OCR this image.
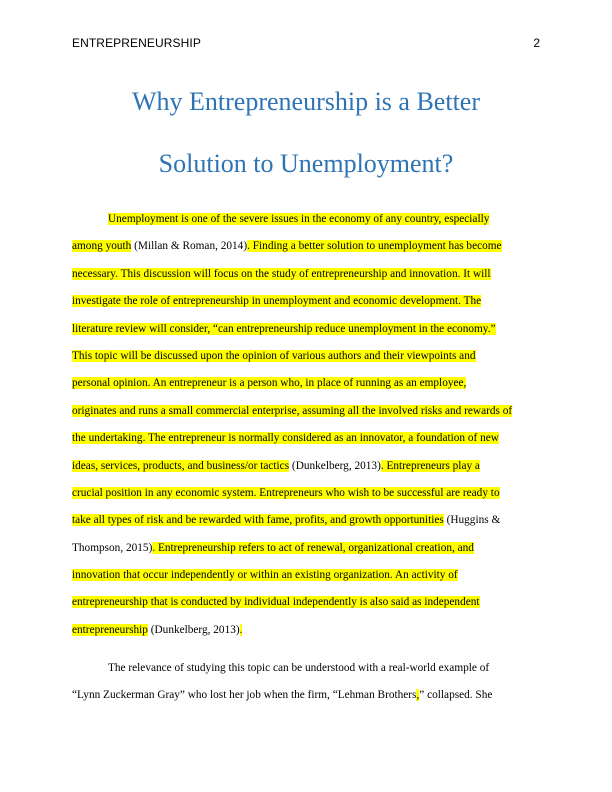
ENTREPRENEURSHIP	2
Why Entrepreneurship is a Better
Solution to Unemployment?
Unemployment is one of the severe issues in the economy of any country, especially
among youth (Millan & Roman, 2014). Finding a better solution to unemployment has become
necessary. This discussion will focus on the study of entrepreneurship and innovation. It will
investigate the role of entrepreneurship in unemployment and economic development. The
literature review will consider, “can entrepreneurship reduce unemployment in the economy.”
This topic will be discussed upon the opinion of various authors and their viewpoints and
personal opinion. An entrepreneur is a person who, in place of running as an employee,
originates and runs a small commercial enterprise, assuming all the involved risks and rewards of
the undertaking. The entrepreneur is normally considered as an innovator, a foundation of new
ideas, services, products, and business/or tactics (Dunkelberg, 2013). Entrepreneurs play a
crucial position in any economic system. Entrepreneurs who wish to be successful are ready to
take all types of risk and be rewarded with fame, profits, and growth opportunities (Huggins &
Thompson, 2015). Entrepreneurship refers to act of renewal, organizational creation, and
innovation that occur independently or within an existing organization. An activity of
entrepreneurship that is conducted by individual independently is also said as independent
entrepreneurship (Dunkelberg, 2013).
The relevance of studying this topic can be understood with a real-world example of
“Lynn Zuckerman Gray” who lost her job when the firm, “Lehman Brothers,” collapsed. She
